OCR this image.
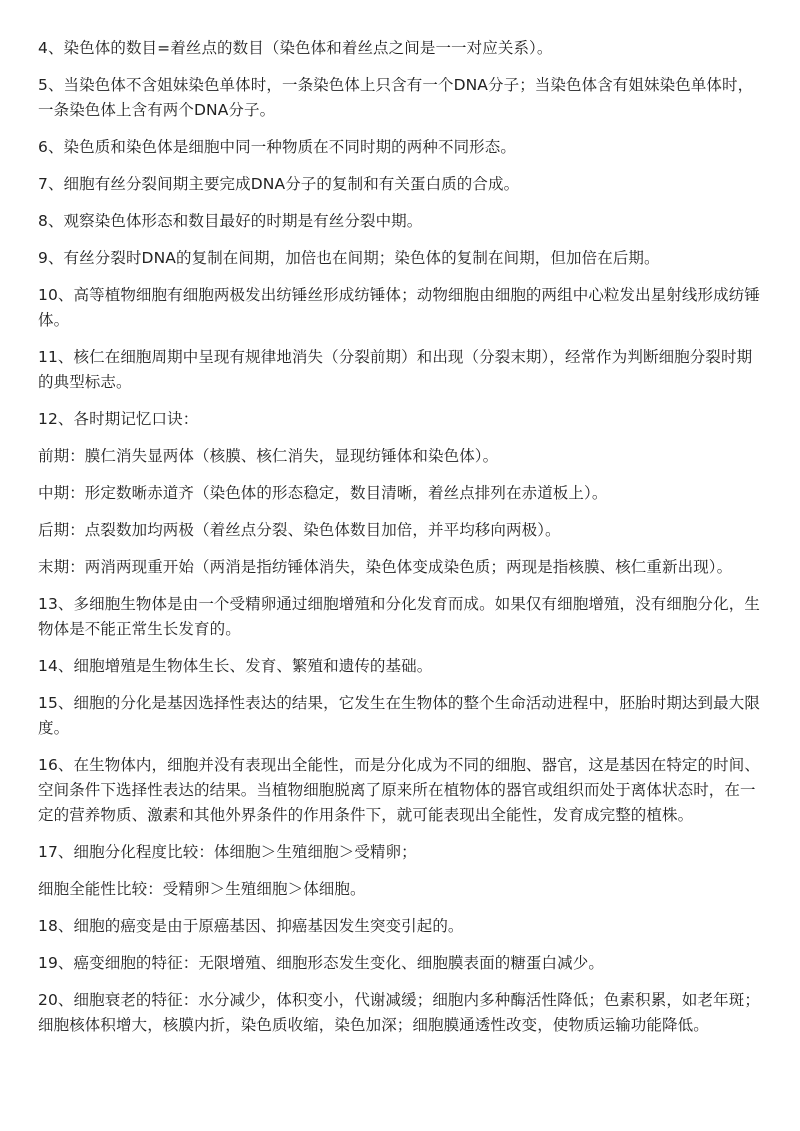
4、染色体的数目=着丝点的数目（染色体和着丝点之间是一一对应关系）。

5、当染色体不含姐妹染色单体时，一条染色体上只含有一个DNA分子；当染色体含有姐妹染色单体时，一条染色体上含有两个DNA分子。

6、染色质和染色体是细胞中同一种物质在不同时期的两种不同形态。

7、细胞有丝分裂间期主要完成DNA分子的复制和有关蛋白质的合成。

8、观察染色体形态和数目最好的时期是有丝分裂中期。

9、有丝分裂时DNA的复制在间期，加倍也在间期；染色体的复制在间期，但加倍在后期。

10、高等植物细胞有细胞两极发出纺锤丝形成纺锤体；动物细胞由细胞的两组中心粒发出星射线形成纺锤体。

11、核仁在细胞周期中呈现有规律地消失（分裂前期）和出现（分裂末期），经常作为判断细胞分裂时期的典型标志。

12、各时期记忆口诀：

前期：膜仁消失显两体（核膜、核仁消失，显现纺锤体和染色体）。

中期：形定数晰赤道齐（染色体的形态稳定，数目清晰，着丝点排列在赤道板上）。

后期：点裂数加均两极（着丝点分裂、染色体数目加倍，并平均移向两极）。

末期：两消两现重开始（两消是指纺锤体消失，染色体变成染色质；两现是指核膜、核仁重新出现）。

13、多细胞生物体是由一个受精卵通过细胞增殖和分化发育而成。如果仅有细胞增殖，没有细胞分化，生物体是不能正常生长发育的。

14、细胞增殖是生物体生长、发育、繁殖和遗传的基础。

15、细胞的分化是基因选择性表达的结果，它发生在生物体的整个生命活动进程中，胚胎时期达到最大限度。

16、在生物体内，细胞并没有表现出全能性，而是分化成为不同的细胞、器官，这是基因在特定的时间、空间条件下选择性表达的结果。当植物细胞脱离了原来所在植物体的器官或组织而处于离体状态时，在一定的营养物质、激素和其他外界条件的作用条件下，就可能表现出全能性，发育成完整的植株。

17、细胞分化程度比较：体细胞＞生殖细胞＞受精卵；

细胞全能性比较：受精卵＞生殖细胞＞体细胞。

18、细胞的癌变是由于原癌基因、抑癌基因发生突变引起的。

19、癌变细胞的特征：无限增殖、细胞形态发生变化、细胞膜表面的糖蛋白减少。

20、细胞衰老的特征：水分减少，体积变小，代谢减缓；细胞内多种酶活性降低；色素积累，如老年斑；细胞核体积增大，核膜内折，染色质收缩，染色加深；细胞膜通透性改变，使物质运输功能降低。
